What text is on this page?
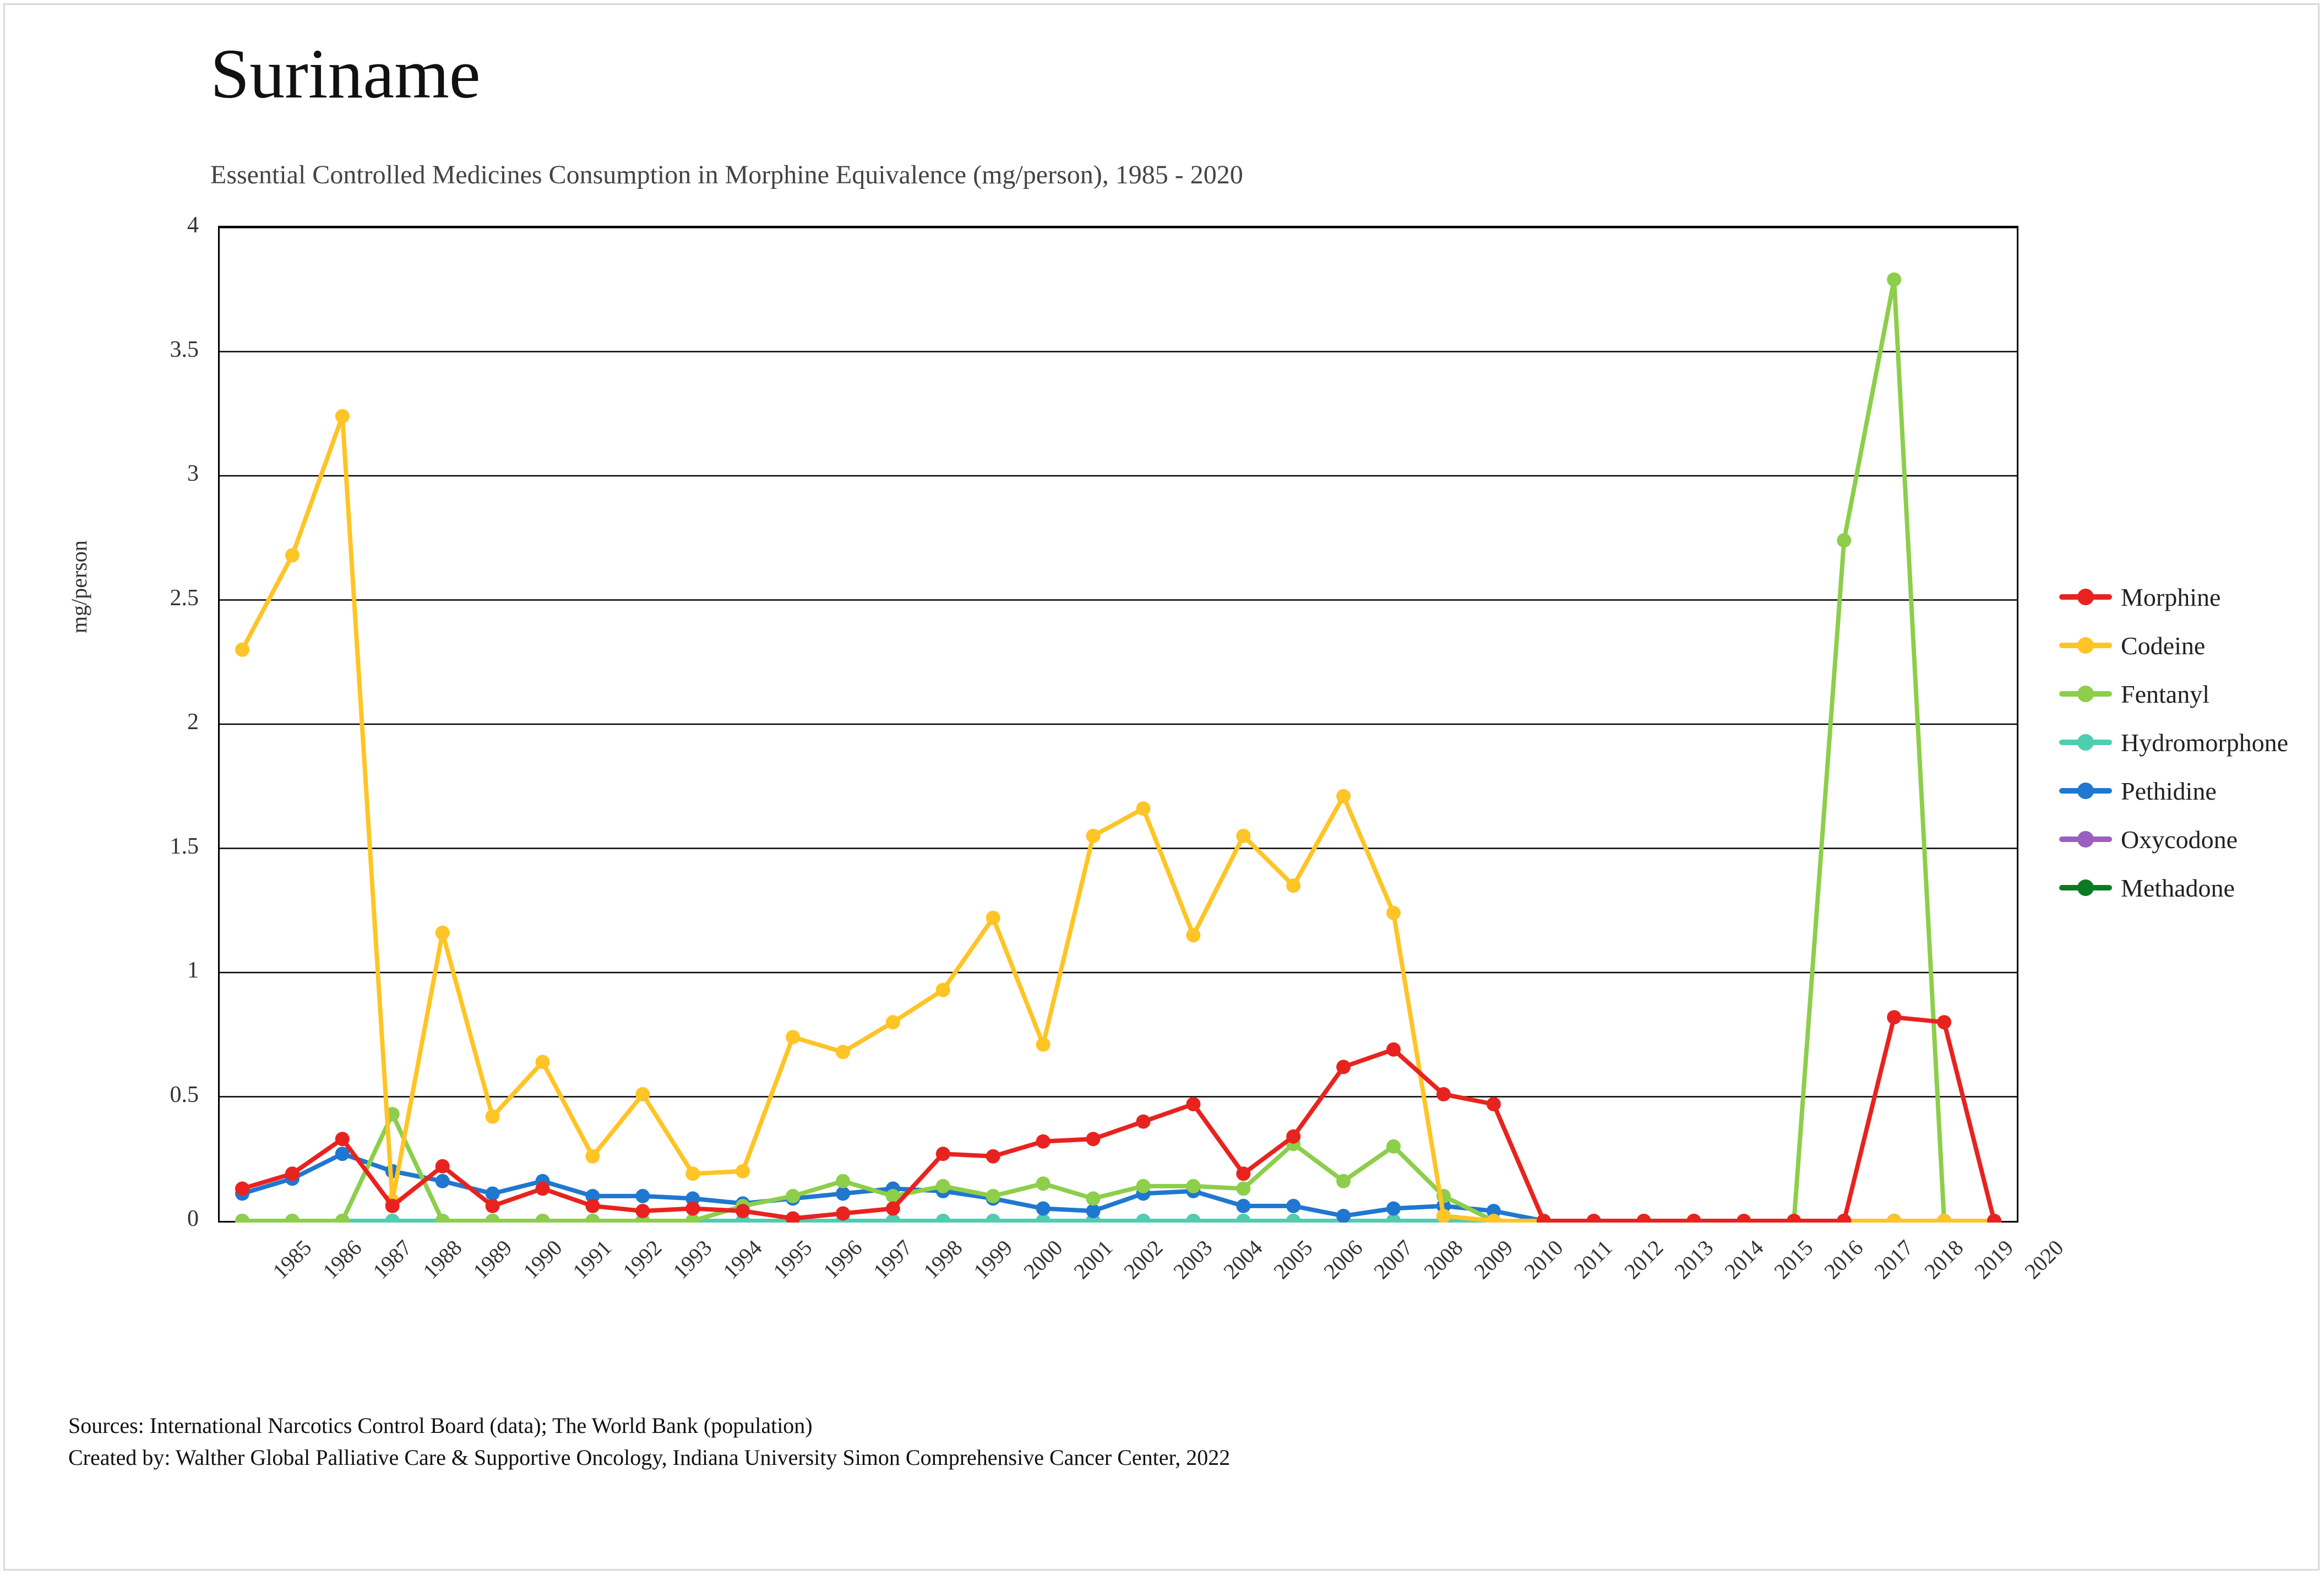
Suriname
Essential Controlled Medicines Consumption in Morphine Equivalence (mg/person), 1985 - 2020
mg/person
0
0.5
1
1.5
2
2.5
3
3.5
4
1985 1986 1987 1988 1989 1990 1991 1992 1993 1994 1995 1996 1997 1998 1999 2000 2001 2002 2003 2004 2005 2006 2007 2008 2009 2010 2011 2012 2013 2014 2015 2016 2017 2018 2019 2020
Morphine
Codeine
Fentanyl
Hydromorphone
Pethidine
Oxycodone
Methadone
Sources: International Narcotics Control Board (data); The World Bank (population)
Created by: Walther Global Palliative Care & Supportive Oncology, Indiana University Simon Comprehensive Cancer Center, 2022
